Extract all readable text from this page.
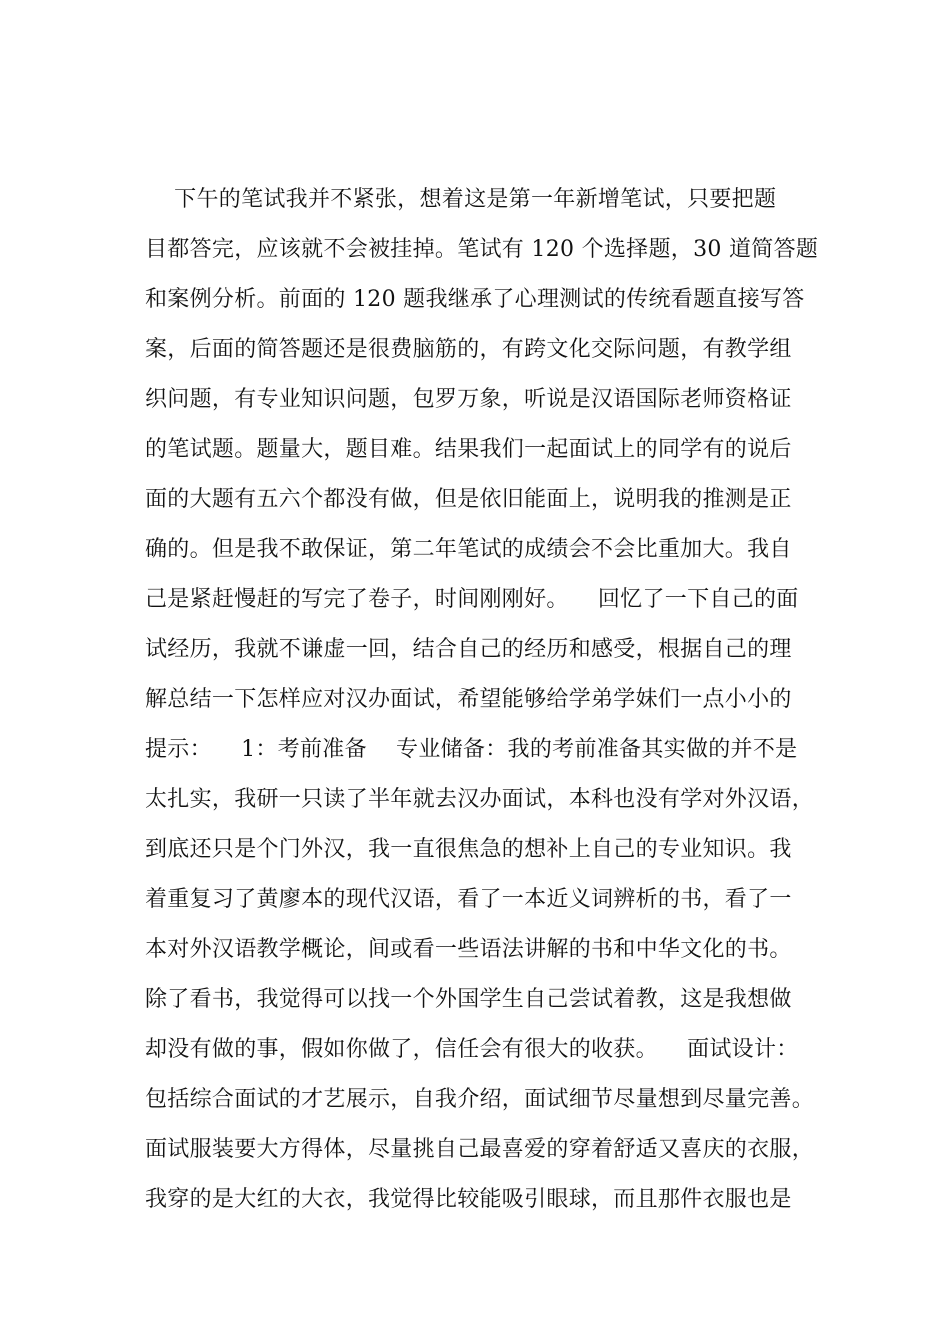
下午的笔试我并不紧张，想着这是第一年新增笔试，只要把题
目都答完，应该就不会被挂掉。笔试有 120 个选择题，30 道简答题
和案例分析。前面的 120 题我继承了心理测试的传统看题直接写答
案，后面的简答题还是很费脑筋的，有跨文化交际问题，有教学组
织问题，有专业知识问题，包罗万象，听说是汉语国际老师资格证
的笔试题。题量大，题目难。结果我们一起面试上的同学有的说后
面的大题有五六个都没有做，但是依旧能面上，说明我的推测是正
确的。但是我不敢保证，第二年笔试的成绩会不会比重加大。我自
己是紧赶慢赶的写完了卷子，时间刚刚好。    回忆了一下自己的面
试经历，我就不谦虚一回，结合自己的经历和感受，根据自己的理
解总结一下怎样应对汉办面试，希望能够给学弟学妹们一点小小的
提示：    1：考前准备    专业储备：我的考前准备其实做的并不是
太扎实，我研一只读了半年就去汉办面试，本科也没有学对外汉语，
到底还只是个门外汉，我一直很焦急的想补上自己的专业知识。我
着重复习了黄廖本的现代汉语，看了一本近义词辨析的书，看了一
本对外汉语教学概论，间或看一些语法讲解的书和中华文化的书。
除了看书，我觉得可以找一个外国学生自己尝试着教，这是我想做
却没有做的事，假如你做了，信任会有很大的收获。    面试设计：
包括综合面试的才艺展示，自我介绍，面试细节尽量想到尽量完善。
面试服装要大方得体，尽量挑自己最喜爱的穿着舒适又喜庆的衣服，
我穿的是大红的大衣，我觉得比较能吸引眼球，而且那件衣服也是
